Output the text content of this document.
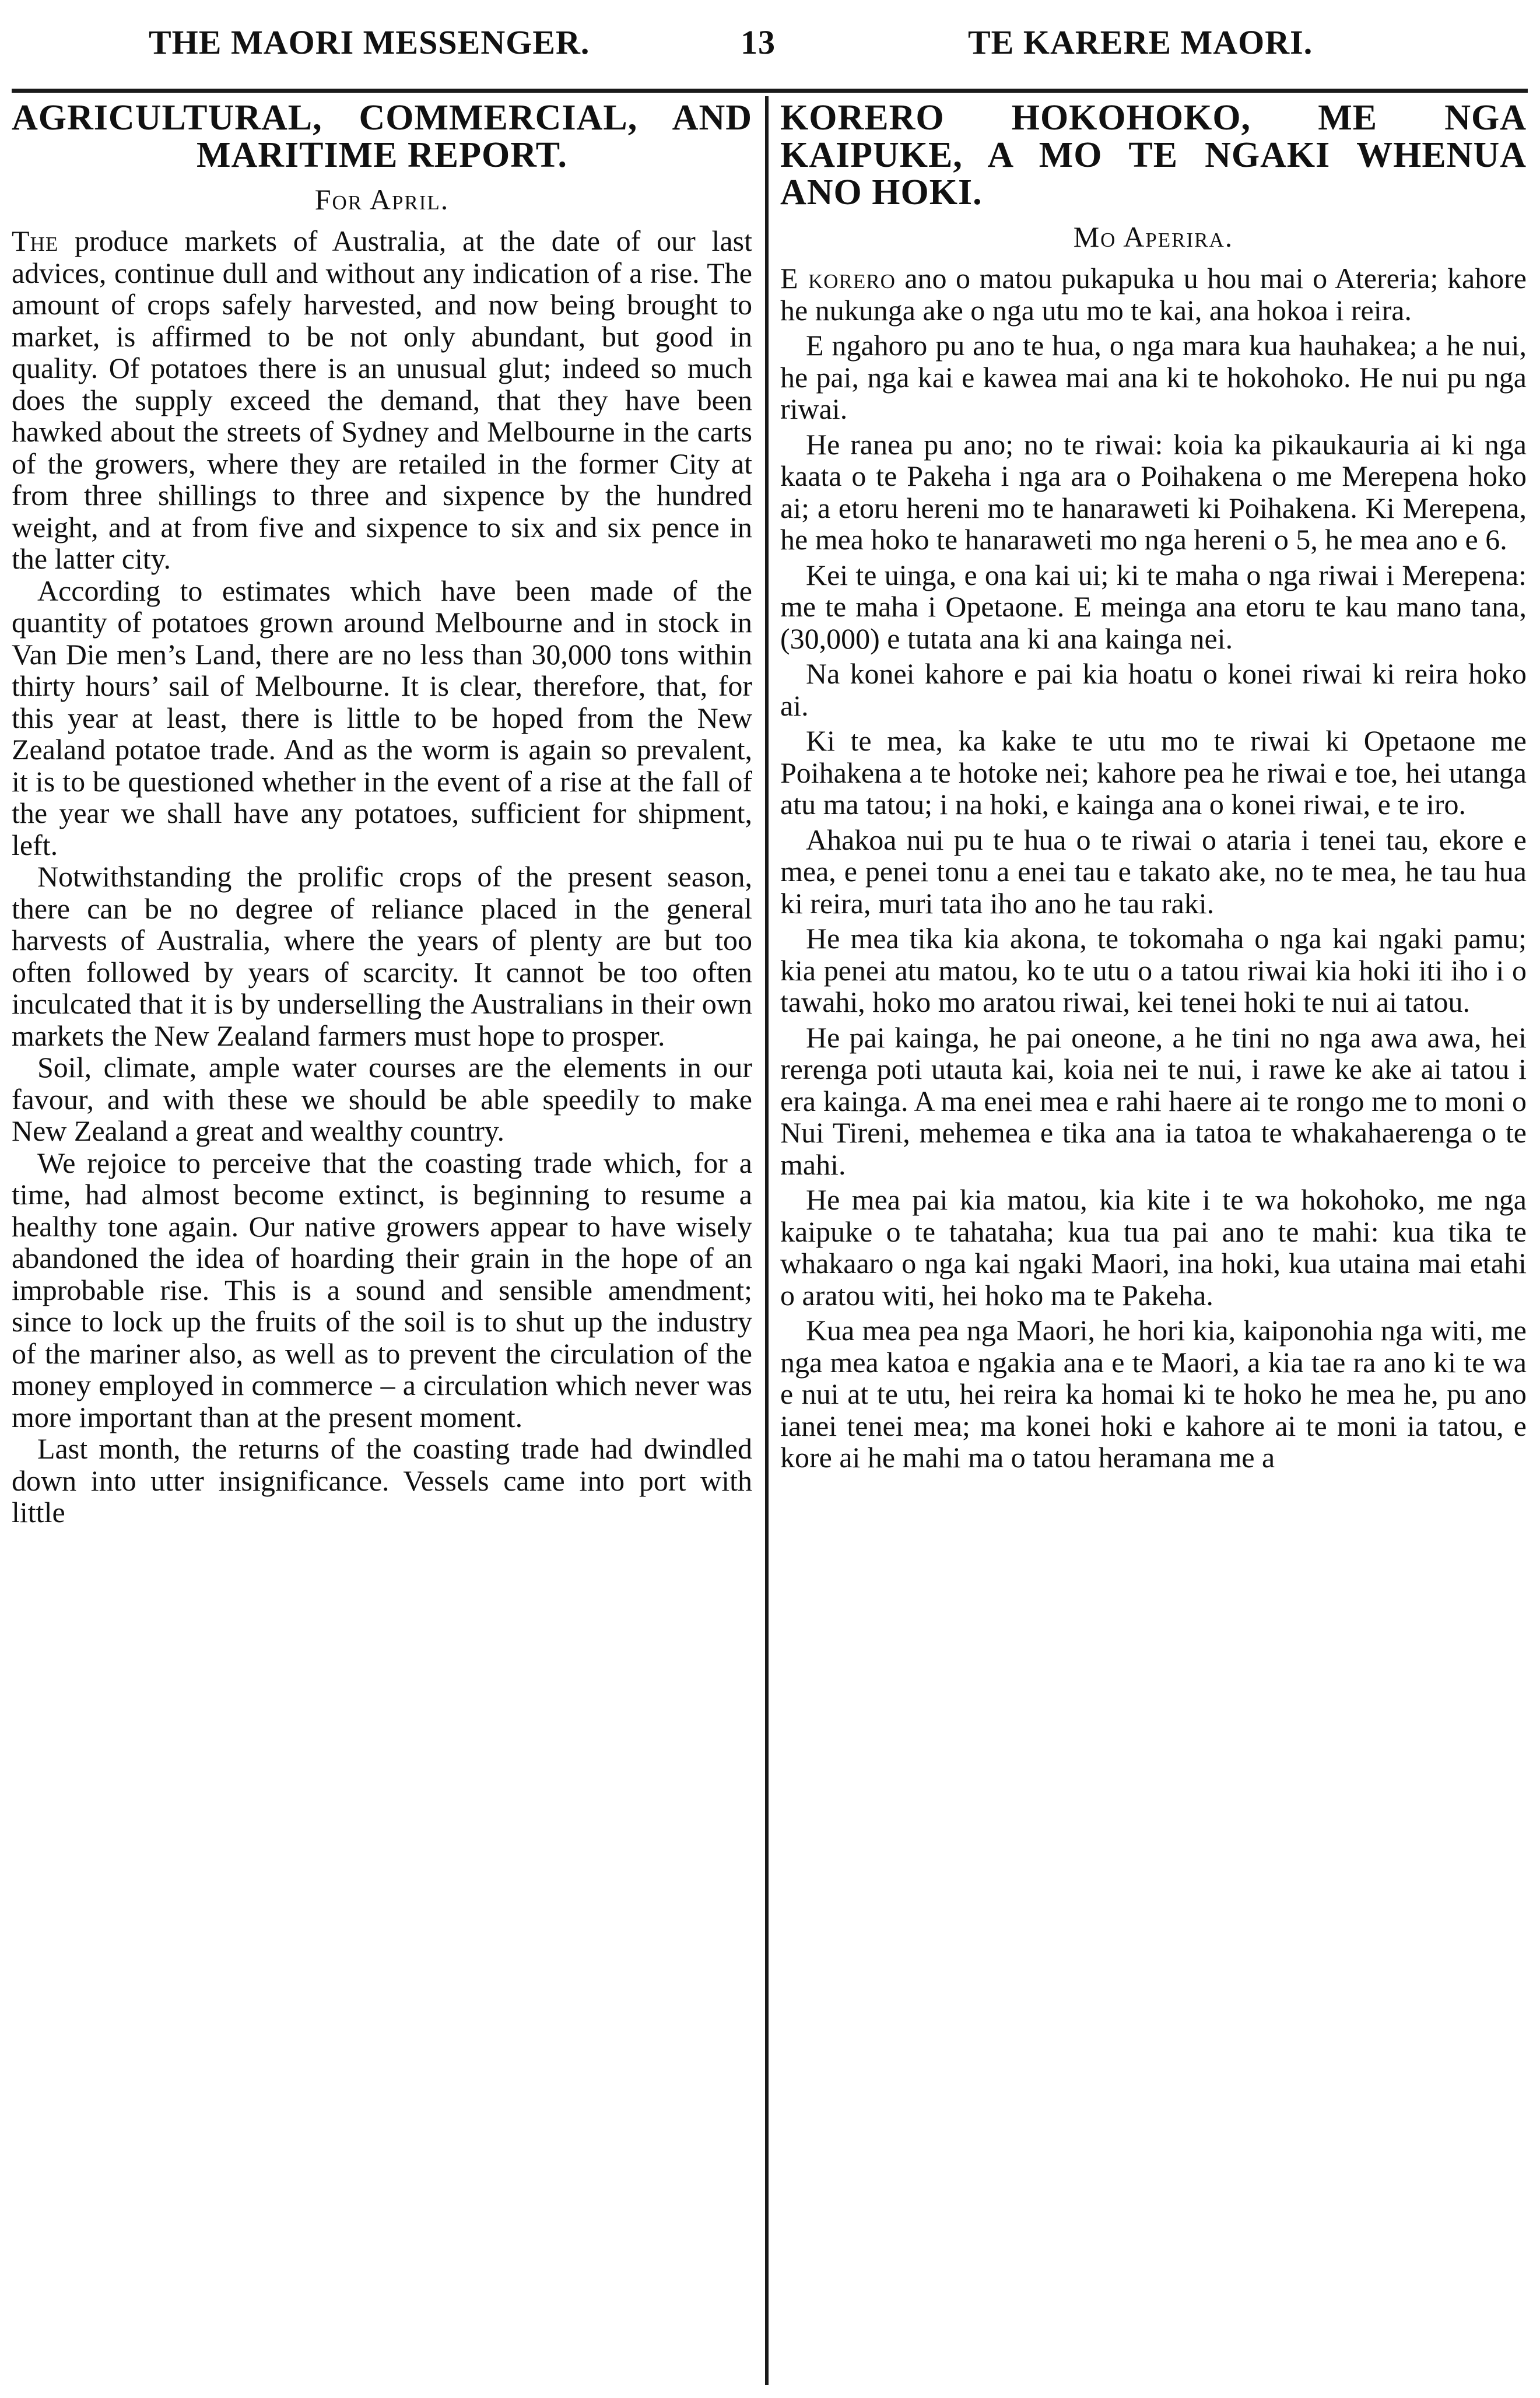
THE MAORI MESSENGER.	13	TE KARERE MAORI.
AGRICULTURAL, COMMERCIAL, AND MARITIME REPORT.
For April.

The produce markets of Australia, at the date of our last advices, continue dull and without any indication of a rise. The amount of crops safely harvested, and now being brought to market, is affirmed to be not only abundant, but good in quality. Of potatoes there is an unusual glut; indeed so much does the supply exceed the demand, that they have been hawked about the streets of Sydney and Melbourne in the carts of the growers, where they are retailed in the former City at from three shillings to three and sixpence by the hundred weight, and at from five and sixpence to six and six pence in the latter city.

According to estimates which have been made of the quantity of potatoes grown around Melbourne and in stock in Van Die men’s Land, there are no less than 30,000 tons within thirty hours’ sail of Melbourne. It is clear, therefore, that, for this year at least, there is little to be hoped from the New Zealand potatoe trade. And as the worm is again so prevalent, it is to be questioned whether in the event of a rise at the fall of the year we shall have any potatoes, sufficient for shipment, left.

Notwithstanding the prolific crops of the present season, there can be no degree of reliance placed in the general harvests of Australia, where the years of plenty are but too often followed by years of scarcity. It cannot be too often inculcated that it is by underselling the Australians in their own markets the New Zealand farmers must hope to prosper.

Soil, climate, ample water courses are the elements in our favour, and with these we should be able speedily to make New Zealand a great and wealthy country.

We rejoice to perceive that the coasting trade which, for a time, had almost become extinct, is beginning to resume a healthy tone again. Our native growers appear to have wisely abandoned the idea of hoarding their grain in the hope of an improbable rise. This is a sound and sensible amendment; since to lock up the fruits of the soil is to shut up the industry of the mariner also, as well as to prevent the circulation of the money employed in commerce – a circulation which never was more important than at the present moment.

Last month, the returns of the coasting trade had dwindled down into utter insignificance. Vessels came into port with little

KORERO HOKOHOKO, ME NGA KAIPUKE, A MO TE NGAKI WHENUA ANO HOKI.
Mo Aperira.

E korero ano o matou pukapuka u hou mai o Atereria; kahore he nukunga ake o nga utu mo te kai, ana hokoa i reira.

E ngahoro pu ano te hua, o nga mara kua hauhakea; a he nui, he pai, nga kai e kawea mai ana ki te hokohoko. He nui pu nga riwai.

He ranea pu ano; no te riwai: koia ka pikaukauria ai ki nga kaata o te Pakeha i nga ara o Poihakena o me Merepena hoko ai; a etoru hereni mo te hanaraweti ki Poihakena. Ki Merepena, he mea hoko te hanaraweti mo nga hereni o 5, he mea ano e 6.

Kei te uinga, e ona kai ui; ki te maha o nga riwai i Merepena: me te maha i Opetaone. E meinga ana etoru te kau mano tana, (30,000) e tutata ana ki ana kainga nei.

Na konei kahore e pai kia hoatu o konei riwai ki reira hoko ai.

Ki te mea, ka kake te utu mo te riwai ki Opetaone me Poihakena a te hotoke nei; kahore pea he riwai e toe, hei utanga atu ma tatou; i na hoki, e kainga ana o konei riwai, e te iro.

Ahakoa nui pu te hua o te riwai o ataria i tenei tau, ekore e mea, e penei tonu a enei tau e takato ake, no te mea, he tau hua ki reira, muri tata iho ano he tau raki.

He mea tika kia akona, te tokomaha o nga kai ngaki pamu; kia penei atu matou, ko te utu o a tatou riwai kia hoki iti iho i o tawahi, hoko mo aratou riwai, kei tenei hoki te nui ai tatou.

He pai kainga, he pai oneone, a he tini no nga awa awa, hei rerenga poti utauta kai, koia nei te nui, i rawe ke ake ai tatou i era kainga. A ma enei mea e rahi haere ai te rongo me to moni o Nui Tireni, mehemea e tika ana ia tatoa te whakahaerenga o te mahi.

He mea pai kia matou, kia kite i te wa hokohoko, me nga kaipuke o te tahataha; kua tua pai ano te mahi: kua tika te whakaaro o nga kai ngaki Maori, ina hoki, kua utaina mai etahi o aratou witi, hei hoko ma te Pakeha.

Kua mea pea nga Maori, he hori kia, kaiponohia nga witi, me nga mea katoa e ngakia ana e te Maori, a kia tae ra ano ki te wa e nui at te utu, hei reira ka homai ki te hoko he mea he, pu ano ianei tenei mea; ma konei hoki e kahore ai te moni ia tatou, e kore ai he mahi ma o tatou heramana me a
